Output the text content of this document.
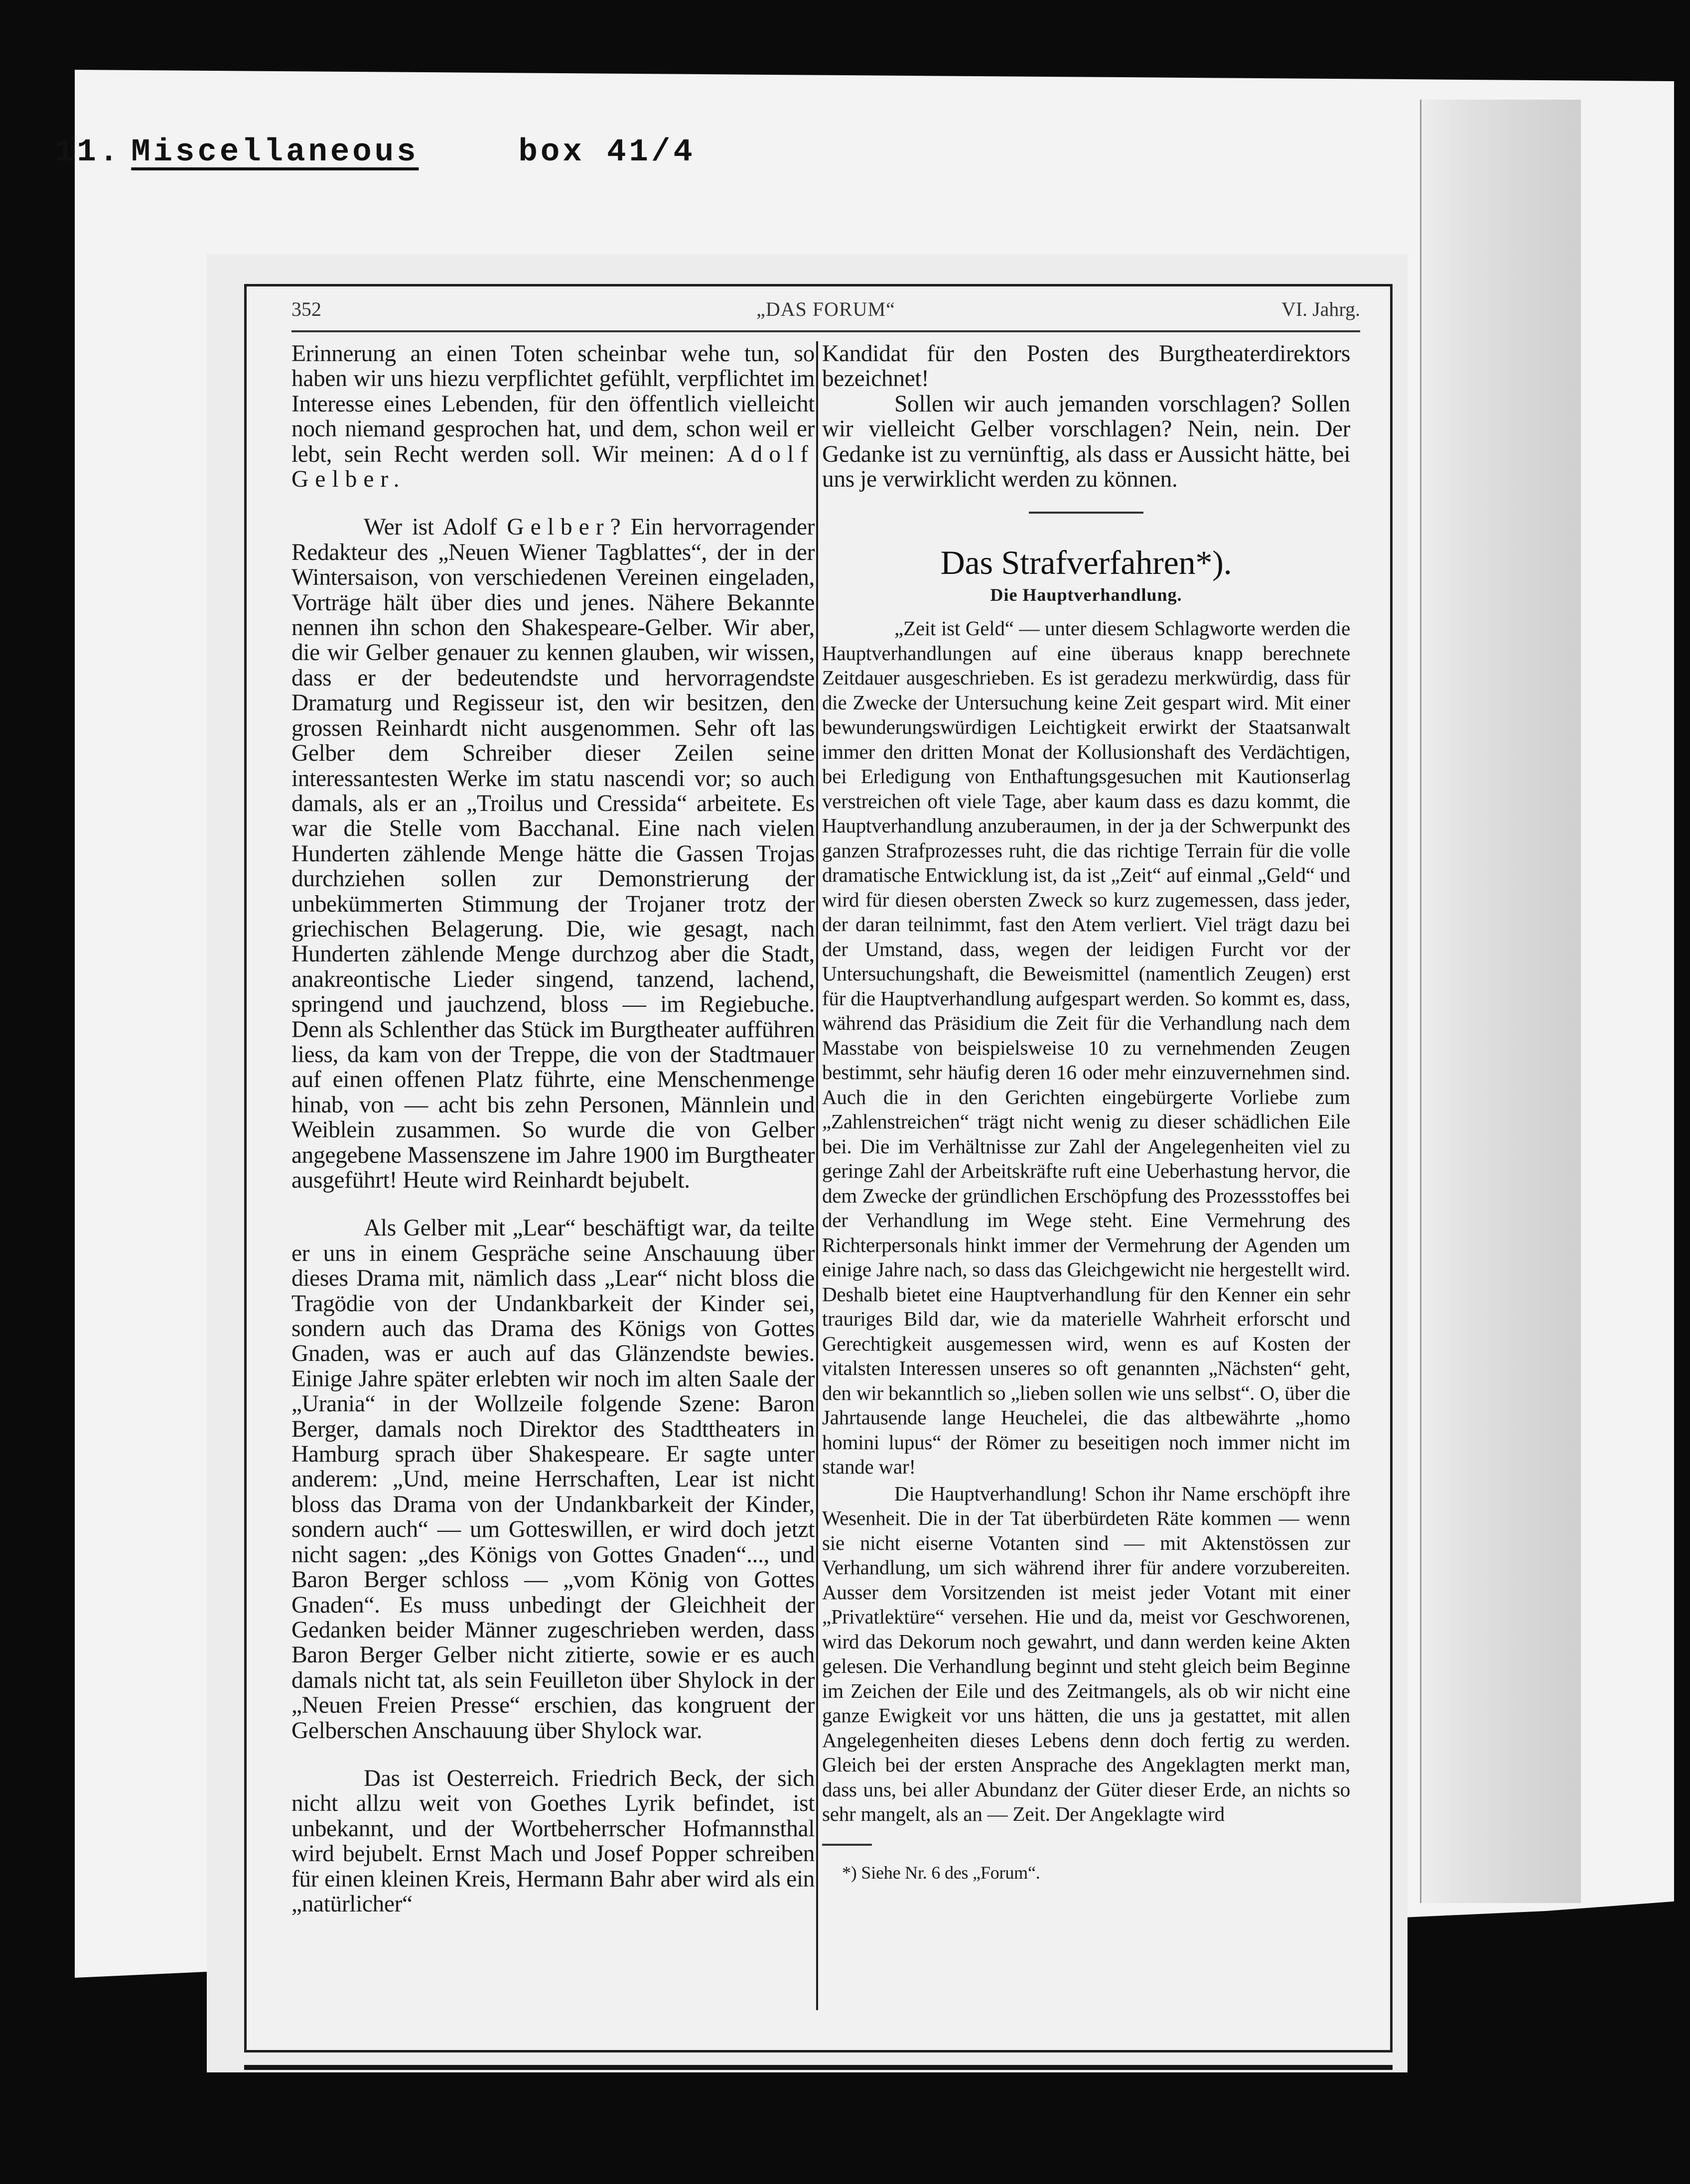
11. Miscellaneous	box 41/4
352	„DAS FORUM“	VI. Jahrg.

Erinnerung an einen Toten scheinbar wehe tun, so haben wir uns hiezu verpflichtet gefühlt, verpflichtet im Interesse eines Lebenden, für den öffentlich vielleicht noch niemand gesprochen hat, und dem, schon weil er lebt, sein Recht werden soll. Wir meinen: Adolf Gelber.

Wer ist Adolf Gelber? Ein hervorragender Redakteur des „Neuen Wiener Tagblattes“, der in der Wintersaison, von verschiedenen Vereinen eingeladen, Vorträge hält über dies und jenes. Nähere Bekannte nennen ihn schon den Shakespeare-Gelber. Wir aber, die wir Gelber genauer zu kennen glauben, wir wissen, dass er der bedeutendste und hervorragendste Dramaturg und Regisseur ist, den wir besitzen, den grossen Reinhardt nicht ausgenommen. Sehr oft las Gelber dem Schreiber dieser Zeilen seine interessantesten Werke im statu nascendi vor; so auch damals, als er an „Troilus und Cressida“ arbeitete. Es war die Stelle vom Bacchanal. Eine nach vielen Hunderten zählende Menge hätte die Gassen Trojas durchziehen sollen zur Demonstrierung der unbekümmerten Stimmung der Trojaner trotz der griechischen Belagerung. Die, wie gesagt, nach Hunderten zählende Menge durchzog aber die Stadt, anakreontische Lieder singend, tanzend, lachend, springend und jauchzend, bloss — im Regiebuche. Denn als Schlenther das Stück im Burgtheater aufführen liess, da kam von der Treppe, die von der Stadtmauer auf einen offenen Platz führte, eine Menschenmenge hinab, von — acht bis zehn Personen, Männlein und Weiblein zusammen. So wurde die von Gelber angegebene Massenszene im Jahre 1900 im Burgtheater ausgeführt! Heute wird Reinhardt bejubelt.

Als Gelber mit „Lear“ beschäftigt war, da teilte er uns in einem Gespräche seine Anschauung über dieses Drama mit, nämlich dass „Lear“ nicht bloss die Tragödie von der Undankbarkeit der Kinder sei, sondern auch das Drama des Königs von Gottes Gnaden, was er auch auf das Glänzendste bewies. Einige Jahre später erlebten wir noch im alten Saale der „Urania“ in der Wollzeile folgende Szene: Baron Berger, damals noch Direktor des Stadttheaters in Hamburg sprach über Shakespeare. Er sagte unter anderem: „Und, meine Herrschaften, Lear ist nicht bloss das Drama von der Undankbarkeit der Kinder, sondern auch“ — um Gotteswillen, er wird doch jetzt nicht sagen: „des Königs von Gottes Gnaden“..., und Baron Berger schloss — „vom König von Gottes Gnaden“. Es muss unbedingt der Gleichheit der Gedanken beider Männer zugeschrieben werden, dass Baron Berger Gelber nicht zitierte, sowie er es auch damals nicht tat, als sein Feuilleton über Shylock in der „Neuen Freien Presse“ erschien, das kongruent der Gelberschen Anschauung über Shylock war.

Das ist Oesterreich. Friedrich Beck, der sich nicht allzu weit von Goethes Lyrik befindet, ist unbekannt, und der Wortbeherrscher Hofmannsthal wird bejubelt. Ernst Mach und Josef Popper schreiben für einen kleinen Kreis, Hermann Bahr aber wird als ein „natürlicher“

Kandidat für den Posten des Burgtheaterdirektors bezeichnet!

Sollen wir auch jemanden vorschlagen? Sollen wir vielleicht Gelber vorschlagen? Nein, nein. Der Gedanke ist zu vernünftig, als dass er Aussicht hätte, bei uns je verwirklicht werden zu können.

Das Strafverfahren*).
Die Hauptverhandlung.

„Zeit ist Geld“ — unter diesem Schlagworte werden die Hauptverhandlungen auf eine überaus knapp berechnete Zeitdauer ausgeschrieben. Es ist geradezu merkwürdig, dass für die Zwecke der Untersuchung keine Zeit gespart wird. Mit einer bewunderungswürdigen Leichtigkeit erwirkt der Staatsanwalt immer den dritten Monat der Kollusionshaft des Verdächtigen, bei Erledigung von Enthaftungsgesuchen mit Kautionserlag verstreichen oft viele Tage, aber kaum dass es dazu kommt, die Hauptverhandlung anzuberaumen, in der ja der Schwerpunkt des ganzen Strafprozesses ruht, die das richtige Terrain für die volle dramatische Entwicklung ist, da ist „Zeit“ auf einmal „Geld“ und wird für diesen obersten Zweck so kurz zugemessen, dass jeder, der daran teilnimmt, fast den Atem verliert. Viel trägt dazu bei der Umstand, dass, wegen der leidigen Furcht vor der Untersuchungshaft, die Beweismittel (namentlich Zeugen) erst für die Hauptverhandlung aufgespart werden. So kommt es, dass, während das Präsidium die Zeit für die Verhandlung nach dem Masstabe von beispielsweise 10 zu vernehmenden Zeugen bestimmt, sehr häufig deren 16 oder mehr einzuvernehmen sind. Auch die in den Gerichten eingebürgerte Vorliebe zum „Zahlenstreichen“ trägt nicht wenig zu dieser schädlichen Eile bei. Die im Verhältnisse zur Zahl der Angelegenheiten viel zu geringe Zahl der Arbeitskräfte ruft eine Ueberhastung hervor, die dem Zwecke der gründlichen Erschöpfung des Prozessstoffes bei der Verhandlung im Wege steht. Eine Vermehrung des Richterpersonals hinkt immer der Vermehrung der Agenden um einige Jahre nach, so dass das Gleichgewicht nie hergestellt wird. Deshalb bietet eine Hauptverhandlung für den Kenner ein sehr trauriges Bild dar, wie da materielle Wahrheit erforscht und Gerechtigkeit ausgemessen wird, wenn es auf Kosten der vitalsten Interessen unseres so oft genannten „Nächsten“ geht, den wir bekanntlich so „lieben sollen wie uns selbst“. O, über die Jahrtausende lange Heuchelei, die das altbewährte „homo homini lupus“ der Römer zu beseitigen noch immer nicht im stande war!

Die Hauptverhandlung! Schon ihr Name erschöpft ihre Wesenheit. Die in der Tat überbürdeten Räte kommen — wenn sie nicht eiserne Votanten sind — mit Aktenstössen zur Verhandlung, um sich während ihrer für andere vorzubereiten. Ausser dem Vorsitzenden ist meist jeder Votant mit einer „Privatlektüre“ versehen. Hie und da, meist vor Geschworenen, wird das Dekorum noch gewahrt, und dann werden keine Akten gelesen. Die Verhandlung beginnt und steht gleich beim Beginne im Zeichen der Eile und des Zeitmangels, als ob wir nicht eine ganze Ewigkeit vor uns hätten, die uns ja gestattet, mit allen Angelegenheiten dieses Lebens denn doch fertig zu werden. Gleich bei der ersten Ansprache des Angeklagten merkt man, dass uns, bei aller Abundanz der Güter dieser Erde, an nichts so sehr mangelt, als an — Zeit. Der Angeklagte wird

*) Siehe Nr. 6 des „Forum“.
